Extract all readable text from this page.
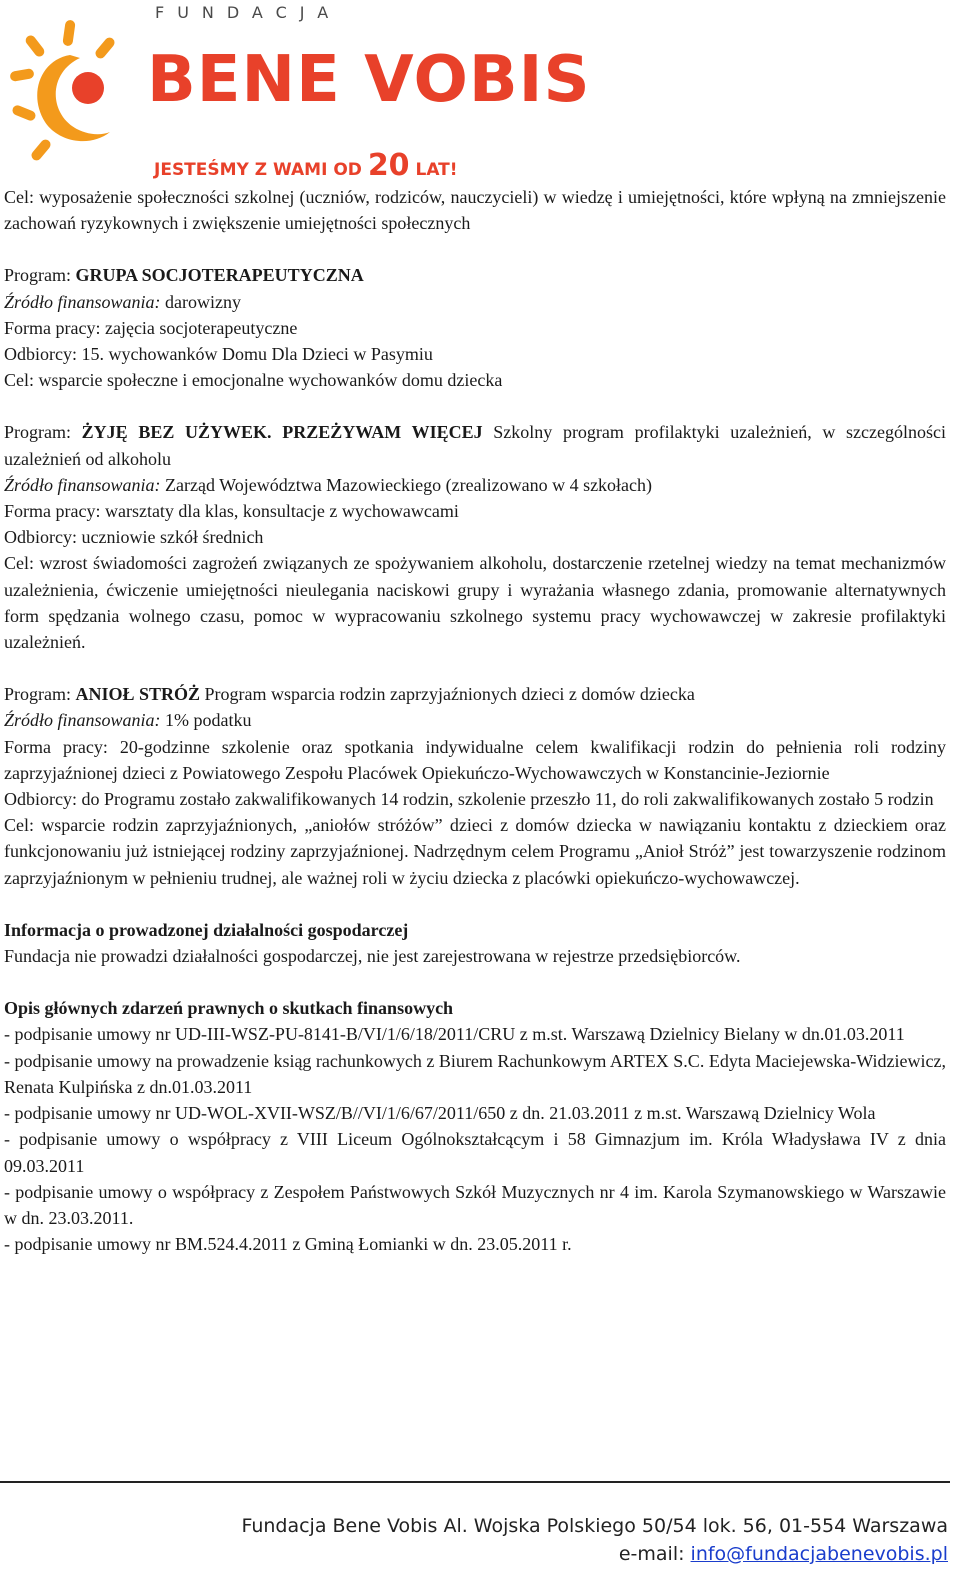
FUNDACJA
BENE VOBIS
JESTEŚMY Z WAMI OD 20 LAT!

Cel: wyposażenie społeczności szkolnej (uczniów, rodziców, nauczycieli) w wiedzę i umiejętności, które wpłyną na zmniejszenie zachowań ryzykownych i zwiększenie umiejętności społecznych

Program: GRUPA SOCJOTERAPEUTYCZNA

Źródło finansowania: darowizny

Forma pracy: zajęcia socjoterapeutyczne

Odbiorcy: 15. wychowanków Domu Dla Dzieci w Pasymiu

Cel: wsparcie społeczne i emocjonalne wychowanków domu dziecka

Program: ŻYJĘ BEZ UŻYWEK. PRZEŻYWAM WIĘCEJ Szkolny program profilaktyki uzależnień, w szczególności uzależnień od alkoholu

Źródło finansowania: Zarząd Województwa Mazowieckiego (zrealizowano w 4 szkołach)

Forma pracy: warsztaty dla klas, konsultacje z wychowawcami

Odbiorcy: uczniowie szkół średnich

Cel: wzrost świadomości zagrożeń związanych ze spożywaniem alkoholu, dostarczenie rzetelnej wiedzy na temat mechanizmów uzależnienia, ćwiczenie umiejętności nieulegania naciskowi grupy i wyrażania własnego zdania, promowanie alternatywnych form spędzania wolnego czasu, pomoc w wypracowaniu szkolnego systemu pracy wychowawczej w zakresie profilaktyki uzależnień.

Program: ANIOŁ STRÓŻ Program wsparcia rodzin zaprzyjaźnionych dzieci z domów dziecka

Źródło finansowania: 1% podatku

Forma pracy: 20-godzinne szkolenie oraz spotkania indywidualne celem kwalifikacji rodzin do pełnienia roli rodziny zaprzyjaźnionej dzieci z Powiatowego Zespołu Placówek Opiekuńczo-Wychowawczych w Konstancinie-Jeziornie

Odbiorcy: do Programu zostało zakwalifikowanych 14 rodzin, szkolenie przeszło 11, do roli zakwalifikowanych zostało 5 rodzin

Cel: wsparcie rodzin zaprzyjaźnionych, „aniołów stróżów” dzieci z domów dziecka w nawiązaniu kontaktu z dzieckiem oraz funkcjonowaniu już istniejącej rodziny zaprzyjaźnionej. Nadrzędnym celem Programu „Anioł Stróż” jest towarzyszenie rodzinom zaprzyjaźnionym w pełnieniu trudnej, ale ważnej roli w życiu dziecka z placówki opiekuńczo-wychowawczej.

Informacja o prowadzonej działalności gospodarczej

Fundacja nie prowadzi działalności gospodarczej, nie jest zarejestrowana w rejestrze przedsiębiorców.

Opis głównych zdarzeń prawnych o skutkach finansowych

- podpisanie umowy nr UD-III-WSZ-PU-8141-B/VI/1/6/18/2011/CRU z m.st. Warszawą Dzielnicy Bielany w dn.01.03.2011

- podpisanie umowy na prowadzenie ksiąg rachunkowych z Biurem Rachunkowym ARTEX S.C. Edyta Maciejewska-Widziewicz, Renata Kulpińska z dn.01.03.2011

- podpisanie umowy nr UD-WOL-XVII-WSZ/B//VI/1/6/67/2011/650 z dn. 21.03.2011 z m.st. Warszawą Dzielnicy Wola

- podpisanie umowy o współpracy z VIII Liceum Ogólnokształcącym i 58 Gimnazjum im. Króla Władysława IV z dnia 09.03.2011

- podpisanie umowy o współpracy z Zespołem Państwowych Szkół Muzycznych nr 4 im. Karola Szymanowskiego w Warszawie w dn. 23.03.2011.

- podpisanie umowy nr BM.524.4.2011 z Gminą Łomianki w dn. 23.05.2011 r.

Fundacja Bene Vobis Al. Wojska Polskiego 50/54 lok. 56, 01-554 Warszawa
e-mail: info@fundacjabenevobis.pl
